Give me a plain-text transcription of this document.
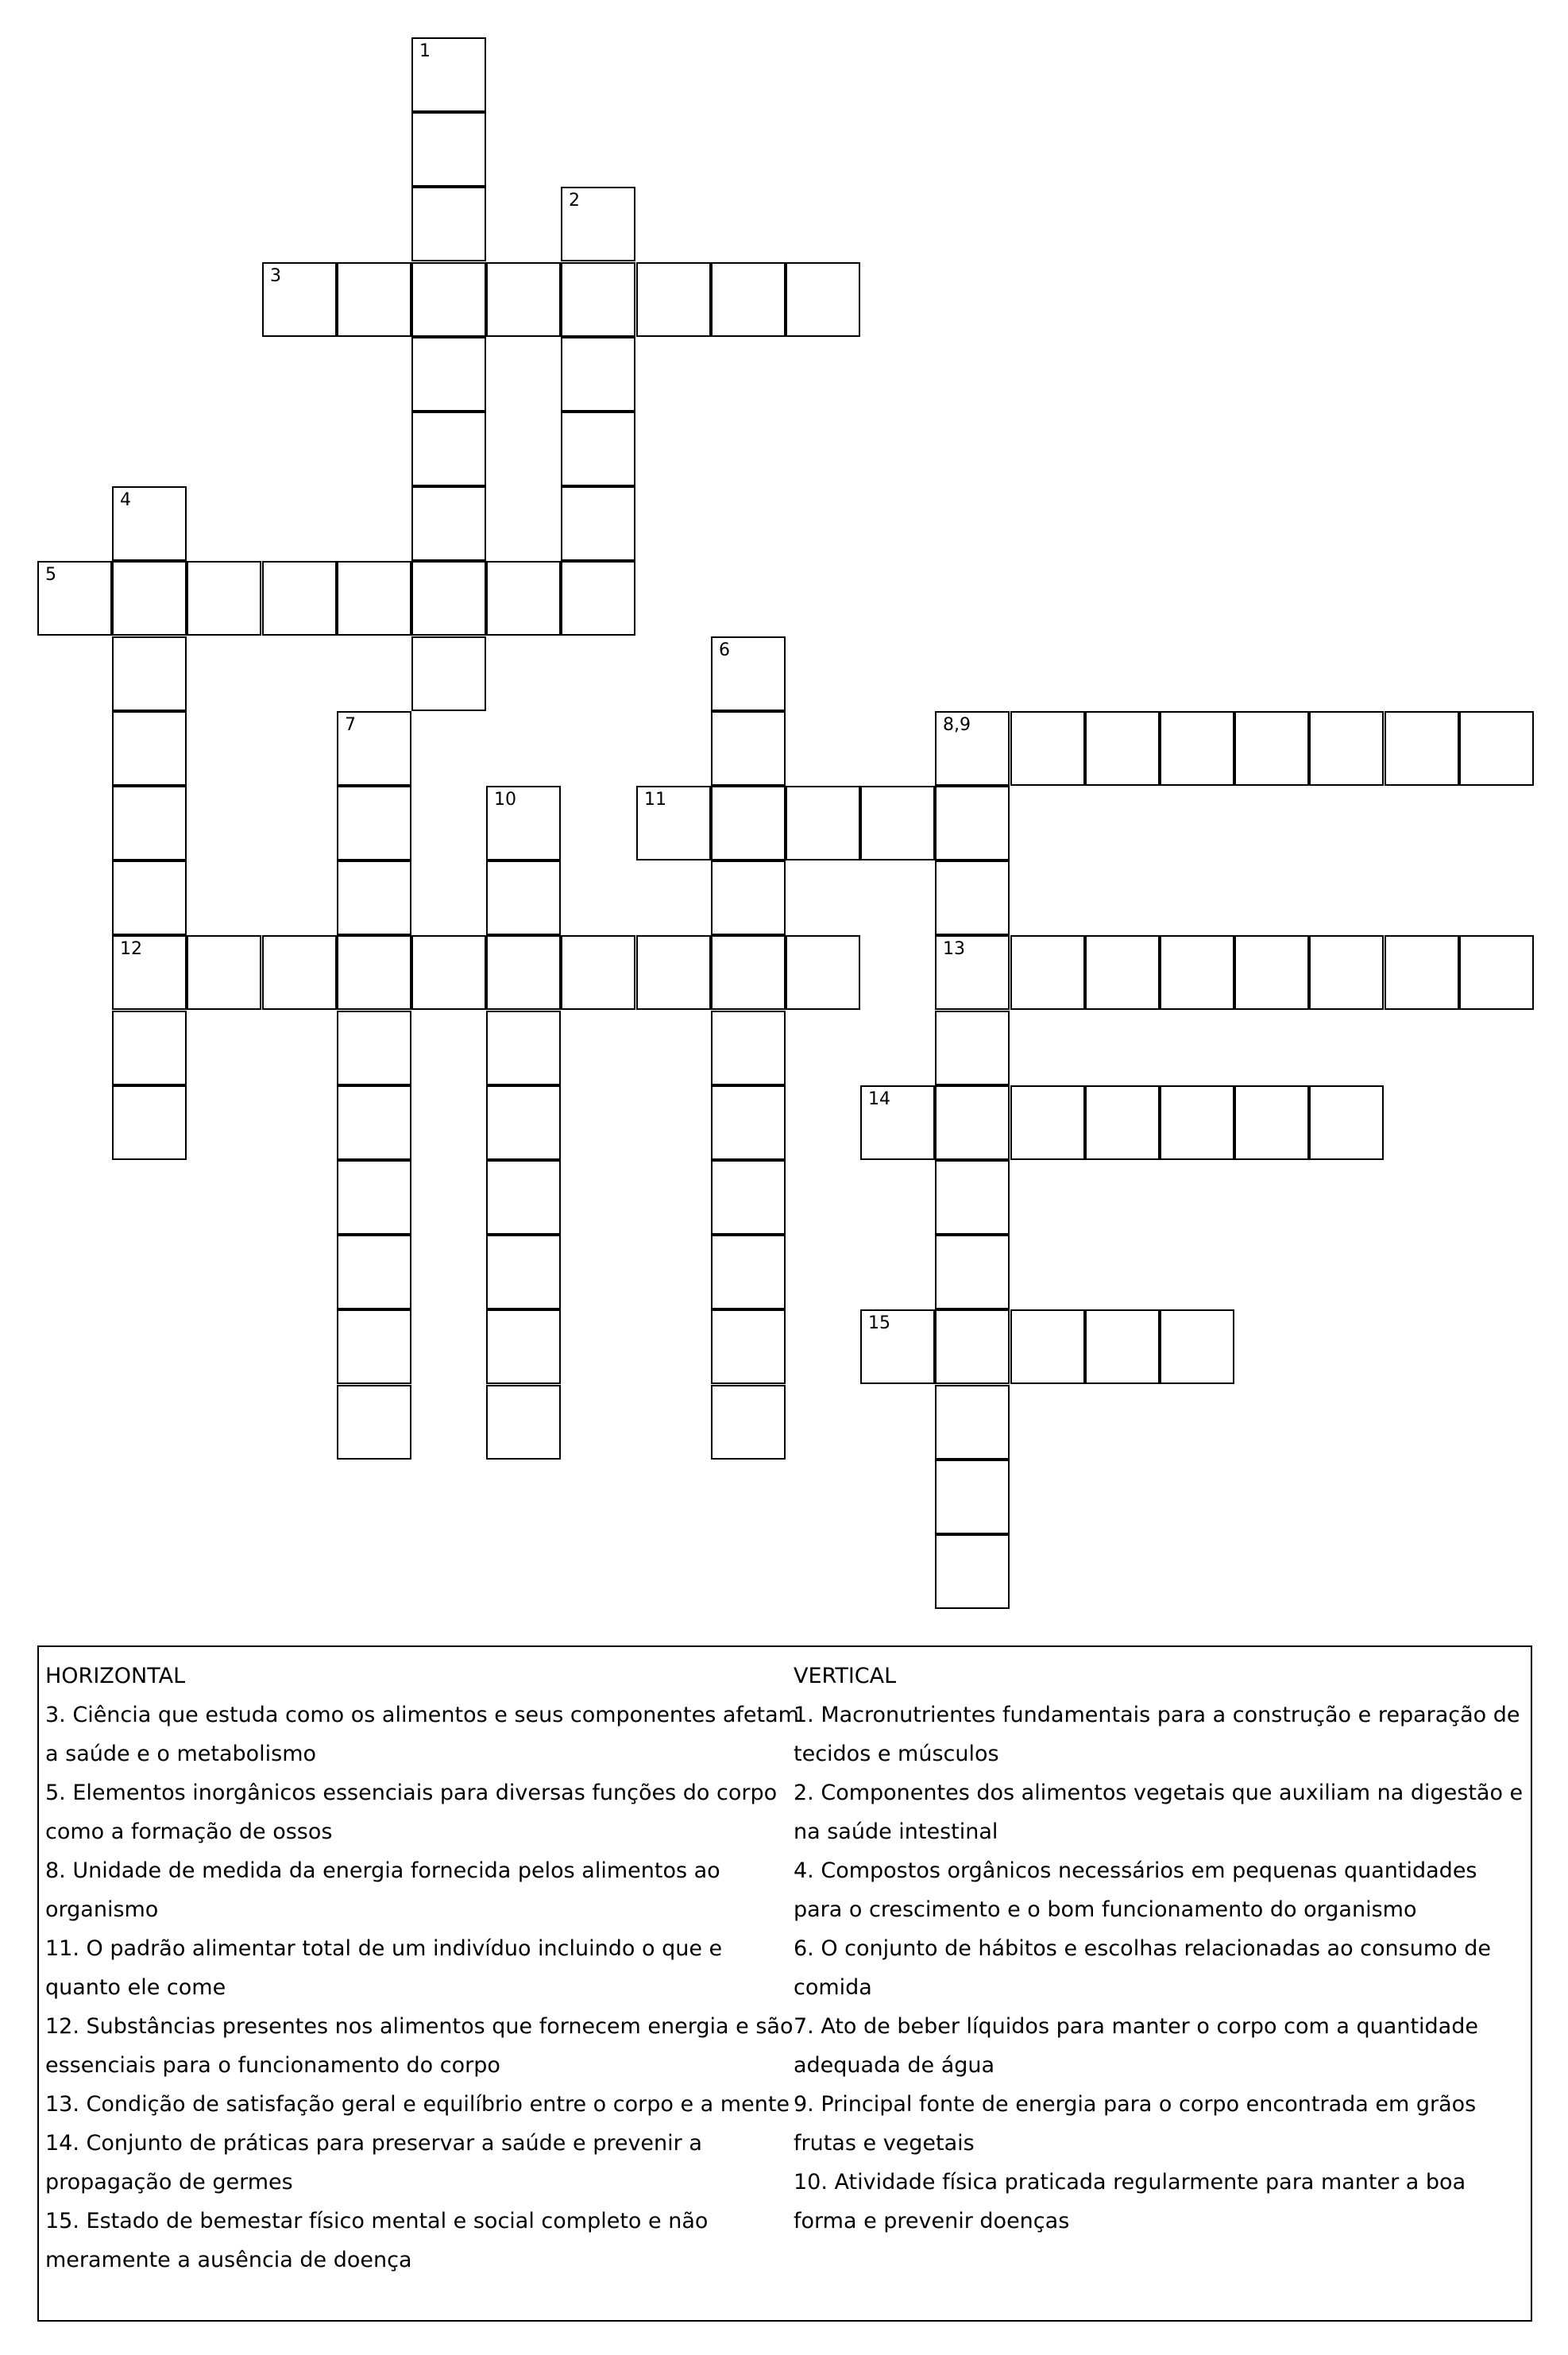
1
2
3
4
12
5
6
7	8,9
13
10	11
14
15
HORIZONTAL
3. Ciência que estuda como os alimentos e seus componentes afetam a saúde e o metabolismo
5. Elementos inorgânicos essenciais para diversas funções do corpo como a formação de ossos
8. Unidade de medida da energia fornecida pelos alimentos ao organismo
11. O padrão alimentar total de um indivíduo incluindo o que e quanto ele come
12. Substâncias presentes nos alimentos que fornecem energia e são essenciais para o funcionamento do corpo
13. Condição de satisfação geral e equilíbrio entre o corpo e a mente
14. Conjunto de práticas para preservar a saúde e prevenir a propagação de germes
15. Estado de bemestar físico mental e social completo e não meramente a ausência de doença
VERTICAL
1. Macronutrientes fundamentais para a construção e reparação de tecidos e músculos
2. Componentes dos alimentos vegetais que auxiliam na digestão e na saúde intestinal
4. Compostos orgânicos necessários em pequenas quantidades para o crescimento e o bom funcionamento do organismo
6. O conjunto de hábitos e escolhas relacionadas ao consumo de comida
7. Ato de beber líquidos para manter o corpo com a quantidade adequada de água
9. Principal fonte de energia para o corpo encontrada em grãos frutas e vegetais
10. Atividade física praticada regularmente para manter a boa forma e prevenir doenças
